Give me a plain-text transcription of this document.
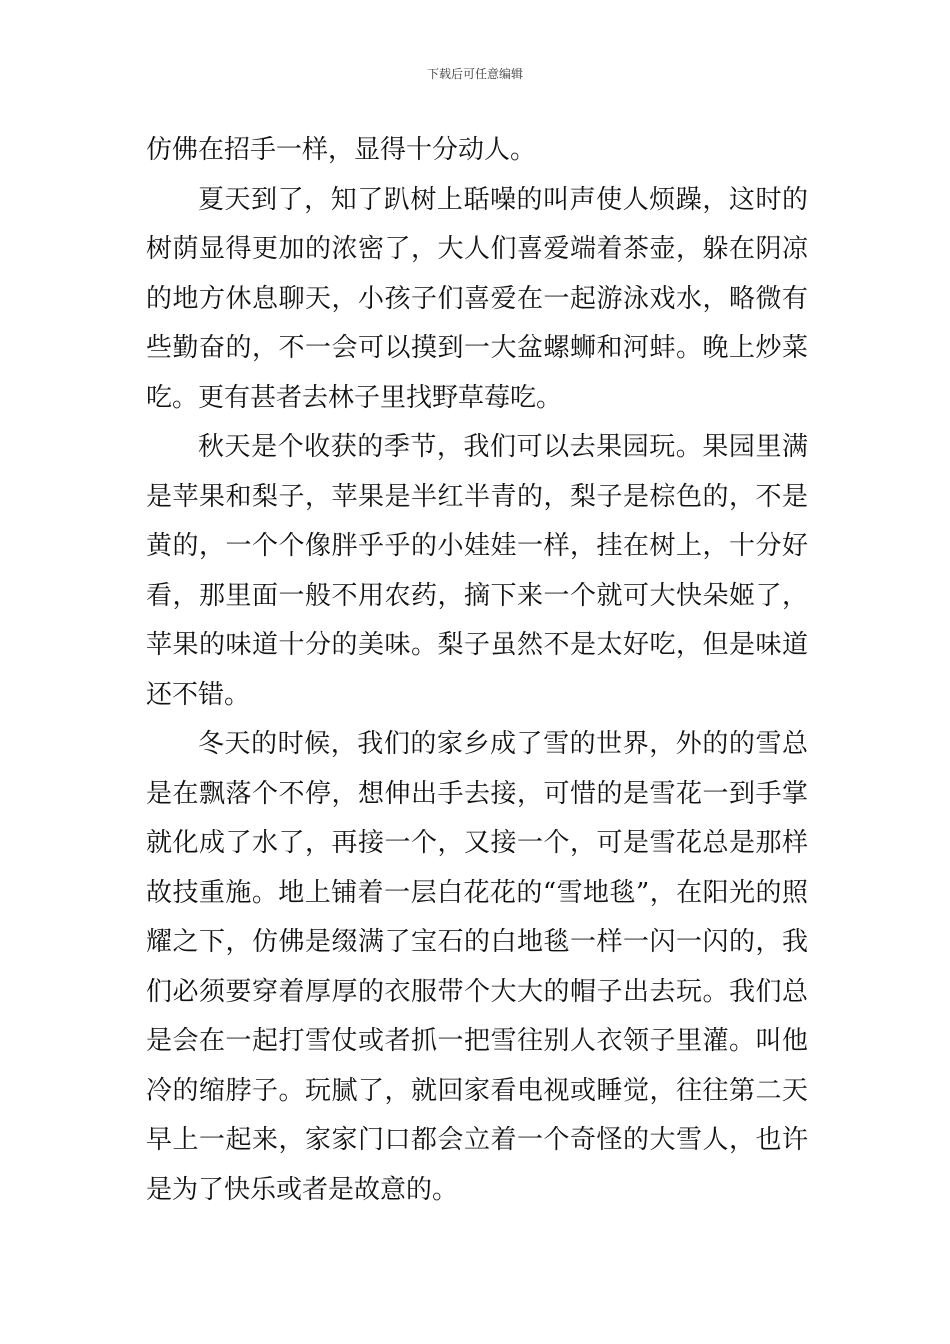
下载后可任意编辑

仿佛在招手一样，显得十分动人。

夏天到了，知了趴树上聒噪的叫声使人烦躁，这时的树荫显得更加的浓密了，大人们喜爱端着茶壶，躲在阴凉的地方休息聊天，小孩子们喜爱在一起游泳戏水，略微有些勤奋的，不一会可以摸到一大盆螺蛳和河蚌。晚上炒菜吃。更有甚者去林子里找野草莓吃。

秋天是个收获的季节，我们可以去果园玩。果园里满是苹果和梨子，苹果是半红半青的，梨子是棕色的，不是黄的，一个个像胖乎乎的小娃娃一样，挂在树上，十分好看，那里面一般不用农药，摘下来一个就可大快朵姬了，苹果的味道十分的美味。梨子虽然不是太好吃，但是味道还不错。

冬天的时候，我们的家乡成了雪的世界，外的的雪总是在飘落个不停，想伸出手去接，可惜的是雪花一到手掌就化成了水了，再接一个，又接一个，可是雪花总是那样故技重施。地上铺着一层白花花的“雪地毯”，在阳光的照耀之下，仿佛是缀满了宝石的白地毯一样一闪一闪的，我们必须要穿着厚厚的衣服带个大大的帽子出去玩。我们总是会在一起打雪仗或者抓一把雪往别人衣领子里灌。叫他冷的缩脖子。玩腻了，就回家看电视或睡觉，往往第二天早上一起来，家家门口都会立着一个奇怪的大雪人，也许是为了快乐或者是故意的。
